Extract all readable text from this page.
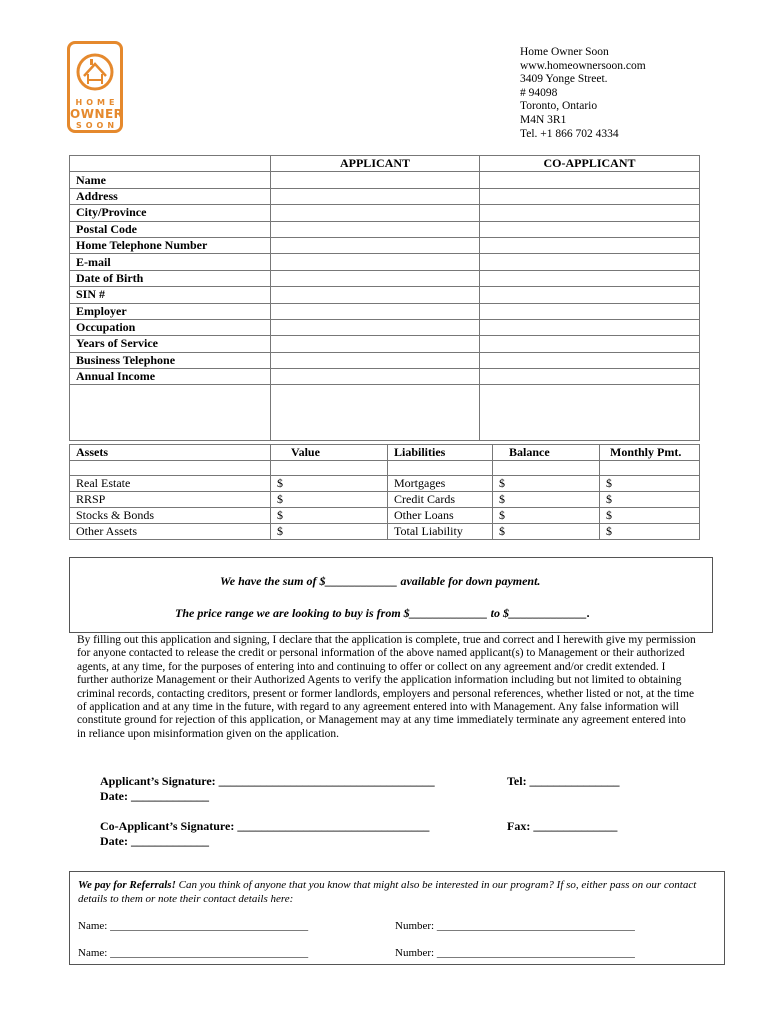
HOME
OWNER
SOON
Home Owner Soon
www.homeownersoon.com
3409 Yonge Street.
# 94098
Toronto, Ontario
M4N 3R1
Tel. +1 866 702 4334
	APPLICANT	CO-APPLICANT
Name		
Address		
City/Province		
Postal Code		
Home Telephone Number		
E-mail		
Date of Birth		
SIN #		
Employer		
Occupation		
Years of Service		
Business Telephone		
Annual Income		

Assets	Value	Liabilities	Balance	Monthly Pmt.

Real Estate	$	Mortgages	$	$
RRSP	$	Credit Cards	$	$
Stocks & Bonds	$	Other Loans	$	$
Other Assets	$	Total Liability	$	$
We have the sum of $____________ available for down payment.
The price range we are looking to buy is from $_____________ to $_____________.
By filling out this application and signing, I declare that the application is complete, true and correct and I herewith give my permission
for anyone contacted to release the credit or personal information of the above named applicant(s) to Management or their authorized
agents, at any time, for the purposes of entering into and continuing to offer or collect on any agreement and/or credit extended. I
further authorize Management or their Authorized Agents to verify the application information including but not limited to obtaining
criminal records, contacting creditors, present or former landlords, employers and personal references, whether listed or not, at the time
of application and at any time in the future, with regard to any agreement entered into with Management. Any false information will
constitute ground for rejection of this application, or Management may at any time immediately terminate any agreement entered into
in reliance upon misinformation given on the application.
Applicant’s Signature: ____________________________________
Date: _____________
Tel: _______________
Co-Applicant’s Signature: ________________________________
Date: _____________
Fax: ______________
We pay for Referrals! Can you think of anyone that you know that might also be interested in our program? If so, either pass on our contact details to them or note their contact details here:
Name: ____________________________________	Number: ____________________________________
Name: ____________________________________	Number: ____________________________________
